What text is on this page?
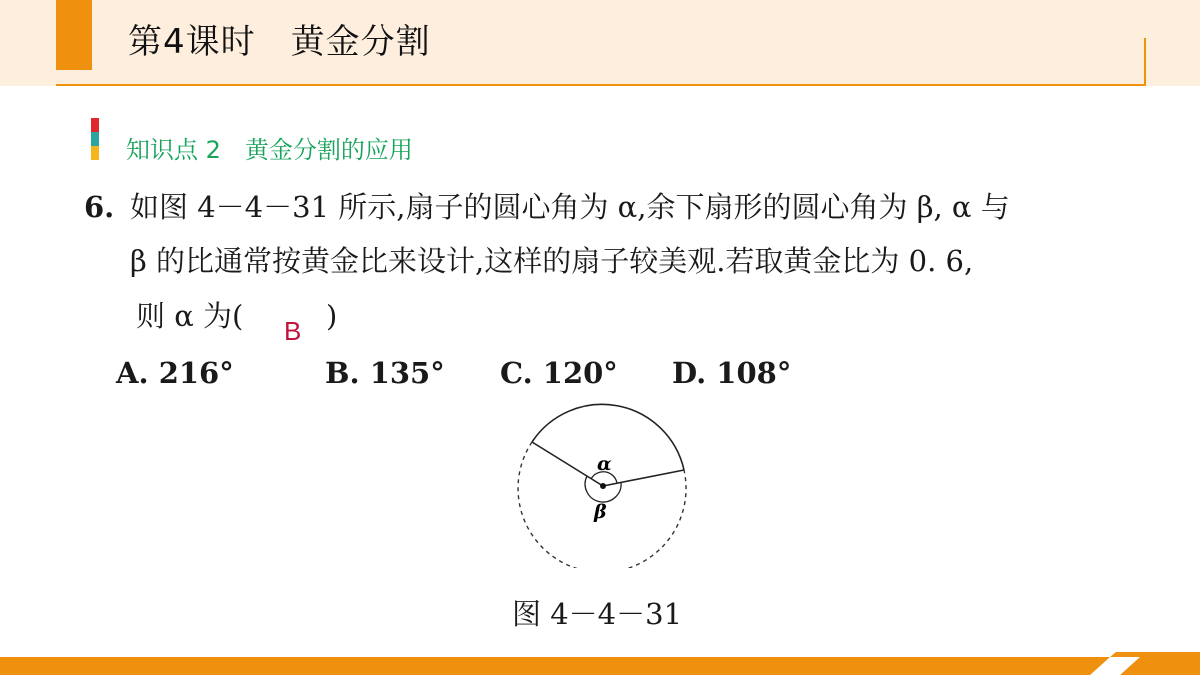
第4课时　黄金分割
知识点 2　黄金分割的应用
6. 如图 4－4－31 所示,扇子的圆心角为 α,余下扇形的圆心角为 β, α 与
β 的比通常按黄金比来设计,这样的扇子较美观.若取黄金比为 0. 6,
则 α 为( B )
A. 216°	B. 135° C. 120° D. 108°
α
β
图 4－4－31
